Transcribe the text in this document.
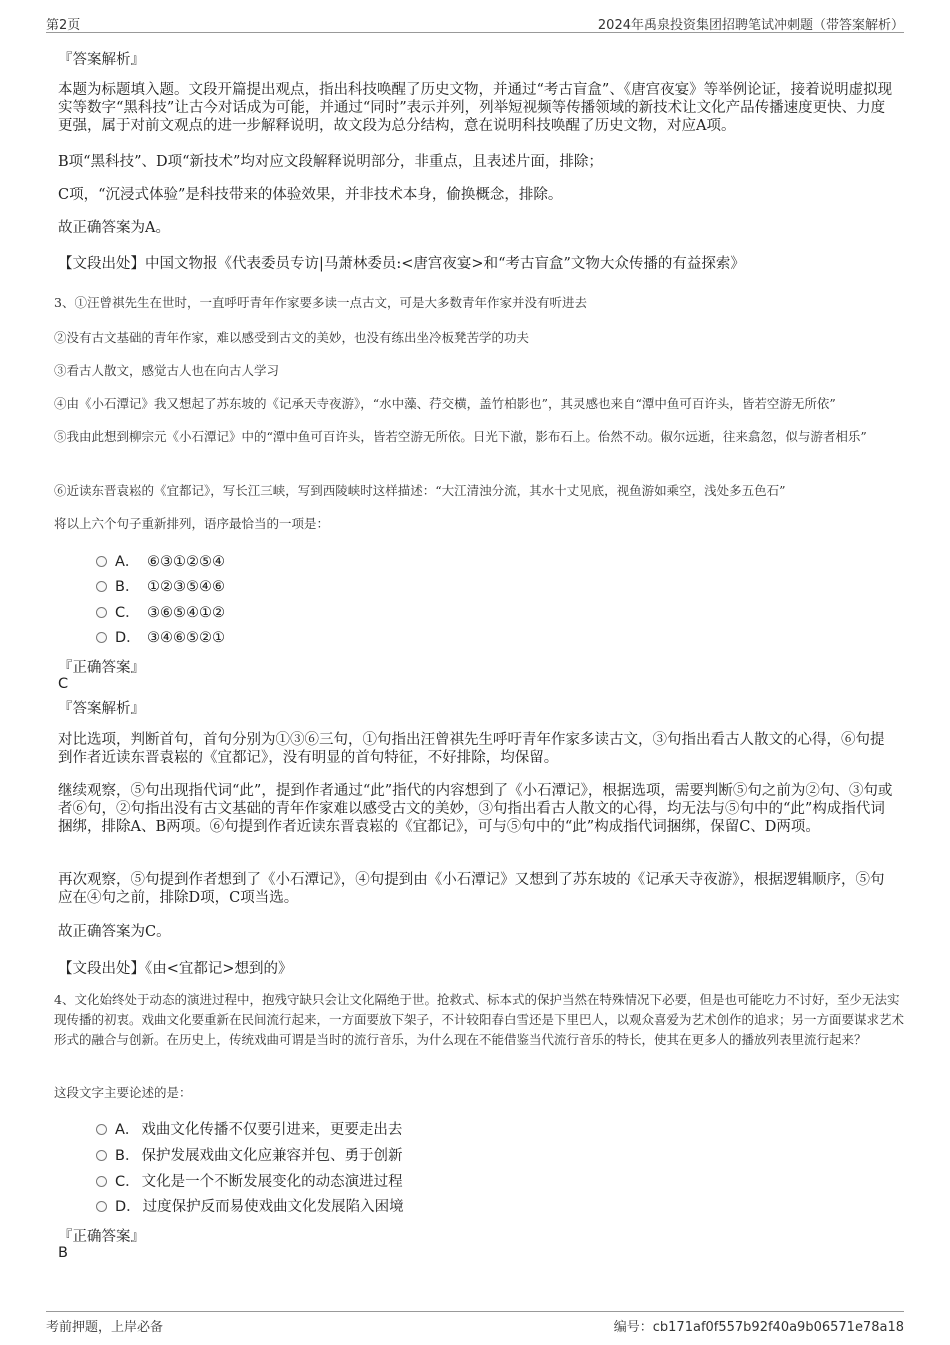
第2页	2024年禹泉投资集团招聘笔试冲刺题（带答案解析）
『答案解析』
本题为标题填入题。文段开篇提出观点，指出科技唤醒了历史文物，并通过“考古盲盒”、《唐宫夜宴》等举例论证，接着说明虚拟现实等数字“黑科技”让古今对话成为可能，并通过“同时”表示并列，列举短视频等传播领域的新技术让文化产品传播速度更快、力度更强，属于对前文观点的进一步解释说明，故文段为总分结构，意在说明科技唤醒了历史文物，对应A项。
B项“黑科技”、D项“新技术”均对应文段解释说明部分，非重点，且表述片面，排除；
C项，“沉浸式体验”是科技带来的体验效果，并非技术本身，偷换概念，排除。
故正确答案为A。
【文段出处】中国文物报《代表委员专访|马萧林委员:<唐宫夜宴>和“考古盲盒”文物大众传播的有益探索》
3、①汪曾祺先生在世时，一直呼吁青年作家要多读一点古文，可是大多数青年作家并没有听进去
②没有古文基础的青年作家，难以感受到古文的美妙，也没有练出坐冷板凳苦学的功夫
③看古人散文，感觉古人也在向古人学习
④由《小石潭记》我又想起了苏东坡的《记承天寺夜游》，“水中藻、荇交横，盖竹柏影也”，其灵感也来自“潭中鱼可百许头，皆若空游无所依”
⑤我由此想到柳宗元《小石潭记》中的“潭中鱼可百许头，皆若空游无所依。日光下澈，影布石上。佁然不动。俶尔远逝，往来翕忽，似与游者相乐”
⑥近读东晋袁崧的《宜都记》，写长江三峡，写到西陵峡时这样描述：“大江清浊分流，其水十丈见底，视鱼游如乘空，浅处多五色石”
将以上六个句子重新排列，语序最恰当的一项是：
A． ⑥③①②⑤④
B． ①②③⑤④⑥
C． ③⑥⑤④①②
D． ③④⑥⑤②①
『正确答案』
C
『答案解析』
对比选项，判断首句，首句分别为①③⑥三句，①句指出汪曾祺先生呼吁青年作家多读古文，③句指出看古人散文的心得，⑥句提到作者近读东晋袁崧的《宜都记》，没有明显的首句特征，不好排除，均保留。
继续观察，⑤句出现指代词“此”，提到作者通过“此”指代的内容想到了《小石潭记》，根据选项，需要判断⑤句之前为②句、③句或者⑥句，②句指出没有古文基础的青年作家难以感受古文的美妙，③句指出看古人散文的心得，均无法与⑤句中的“此”构成指代词捆绑，排除A、B两项。⑥句提到作者近读东晋袁崧的《宜都记》，可与⑤句中的“此”构成指代词捆绑，保留C、D两项。
再次观察，⑤句提到作者想到了《小石潭记》，④句提到由《小石潭记》又想到了苏东坡的《记承天寺夜游》，根据逻辑顺序，⑤句应在④句之前，排除D项，C项当选。
故正确答案为C。
【文段出处】《由<宜都记>想到的》
4、文化始终处于动态的演进过程中，抱残守缺只会让文化隔绝于世。抢救式、标本式的保护当然在特殊情况下必要，但是也可能吃力不讨好，至少无法实现传播的初衷。戏曲文化要重新在民间流行起来，一方面要放下架子，不计较阳春白雪还是下里巴人，以观众喜爱为艺术创作的追求；另一方面要谋求艺术形式的融合与创新。在历史上，传统戏曲可谓是当时的流行音乐，为什么现在不能借鉴当代流行音乐的特长，使其在更多人的播放列表里流行起来？
这段文字主要论述的是：
A． 戏曲文化传播不仅要引进来，更要走出去
B． 保护发展戏曲文化应兼容并包、勇于创新
C． 文化是一个不断发展变化的动态演进过程
D． 过度保护反而易使戏曲文化发展陷入困境
『正确答案』
B
考前押题，上岸必备	编号：cb171af0f557b92f40a9b06571e78a18
